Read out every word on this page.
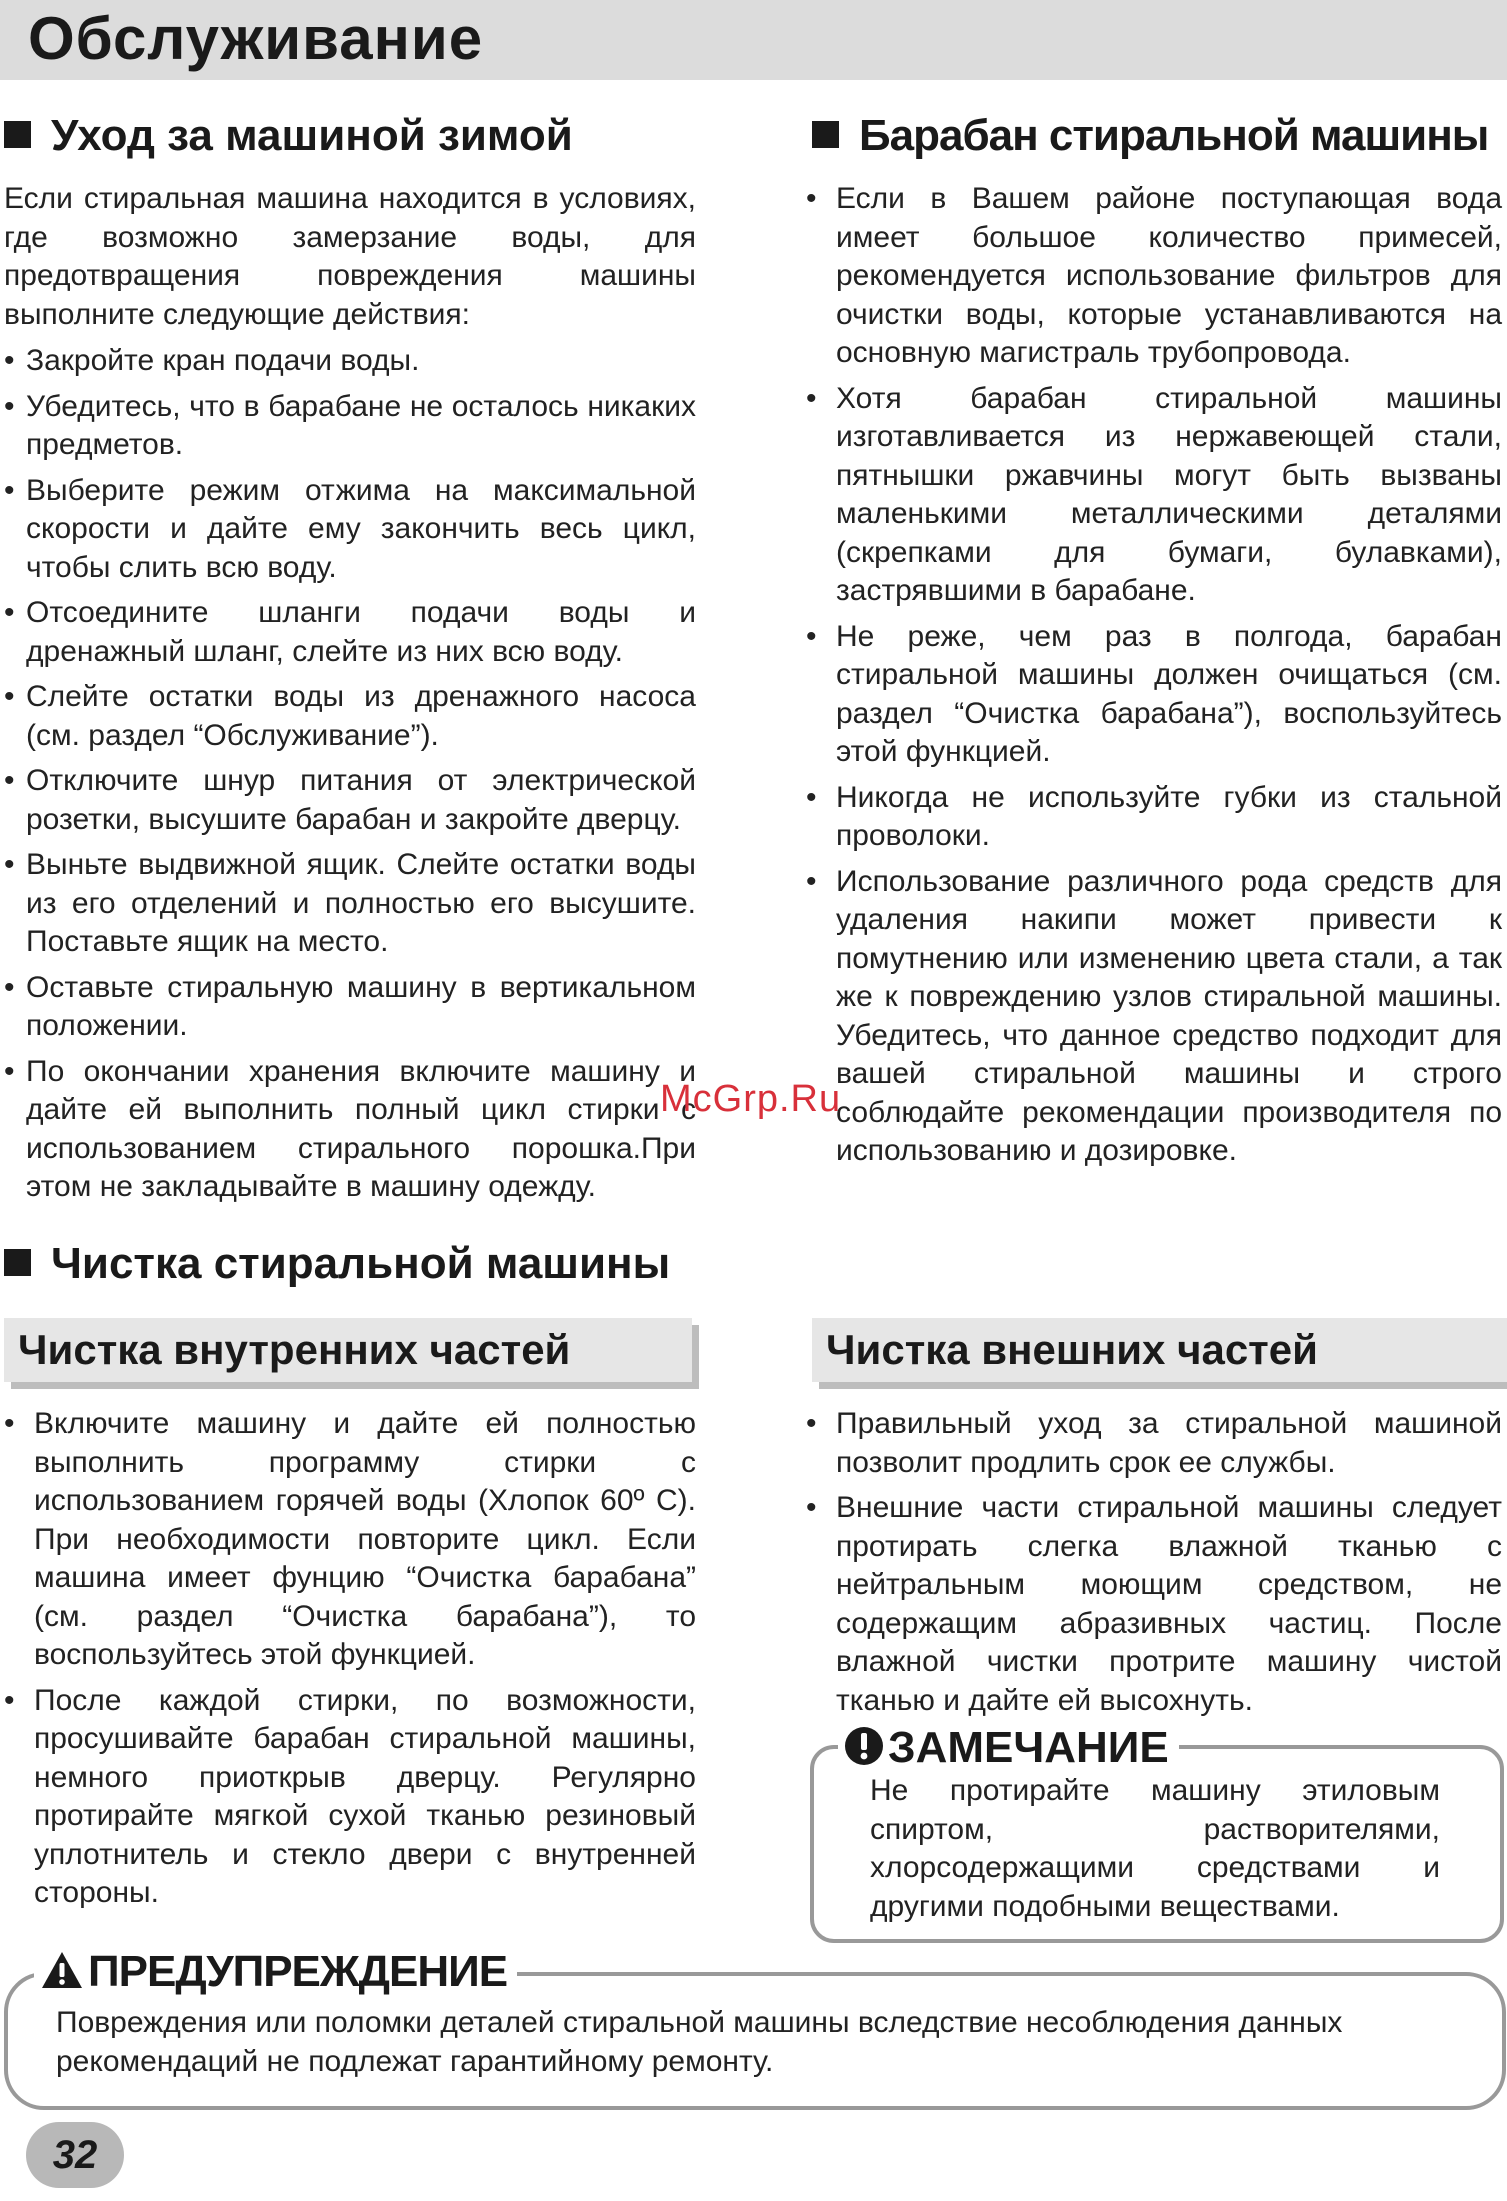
Обслуживание
Уход за машиной зимой

Если стиральная машина находится в условиях, где возможно замерзание воды, для предотвращения повреждения машины выполните следующие действия:

• Закройте кран подачи воды.
• Убедитесь, что в барабане не осталось никаких предметов.
• Выберите режим отжима на максимальной скорости и дайте ему закончить весь цикл, чтобы слить всю воду.
• Отсоедините шланги подачи воды и дренажный шланг, слейте из них всю воду.
• Слейте остатки воды из дренажного насоса (см. раздел “Обслуживание”).
• Отключите шнур питания от электрической розетки, высушите барабан и закройте дверцу.
• Выньте выдвижной ящик. Слейте остатки воды из его отделений и полностью его высушите. Поставьте ящик на место.
• Оставьте стиральную машину в вертикальном положении.
• По окончании хранения включите машину и дайте ей выполнить полный цикл стирки с использованием стирального порошка.При этом не закладывайте в машину одежду.
Барабан стиральной машины
• Если в Вашем районе поступающая вода имеет большое количество примесей, рекомендуется использование фильтров для очистки воды, которые устанавливаются на основную магистраль трубопровода.
• Хотя барабан стиральной машины изготавливается из нержавеющей стали, пятнышки ржавчины могут быть вызваны маленькими металлическими деталями (скрепками для бумаги, булавками), застрявшими в барабане.
• Не реже, чем раз в полгода, барабан стиральной машины должен очищаться (см. раздел “Очистка барабана”), воспользуйтесь этой функцией.
• Никогда не используйте губки из стальной проволоки.
• Использование различного рода средств для удаления накипи может привести к помутнению или изменению цвета стали, а так же к повреждению узлов стиральной машины. Убедитесь, что данное средство подходит для вашей стиральной машины и строго соблюдайте рекомендации производителя по использованию и дозировке.
McGrp.Ru
Чистка стиральной машины
Чистка внутренних частей
• Включите машину и дайте ей полностью выполнить программу стирки с использованием горячей воды (Хлопок 60º С). При необходимости повторите цикл. Если машина имеет фунцию “Очистка барабана” (см. раздел “Очистка барабана”), то воспользуйтесь этой функцией.
• После каждой стирки, по возможности, просушивайте барабан стиральной машины, немного приоткрыв дверцу. Регулярно протирайте мягкой сухой тканью резиновый уплотнитель и стекло двери с внутренней стороны.
Чистка внешних частей
• Правильный уход за стиральной машиной позволит продлить срок ее службы.
• Внешние части стиральной машины следует протирать слегка влажной тканью с нейтральным моющим средством, не содержащим абразивных частиц. После влажной чистки протрите машину чистой тканью и дайте ей высохнуть.
ЗАМЕЧАНИЕ

Не протирайте машину этиловым спиртом, растворителями, хлорсодержащими средствами и другими подобными веществами.

ПРЕДУПРЕЖДЕНИЕ

Повреждения или поломки деталей стиральной машины вследствие несоблюдения данных рекомендаций не подлежат гарантийному ремонту.

32
